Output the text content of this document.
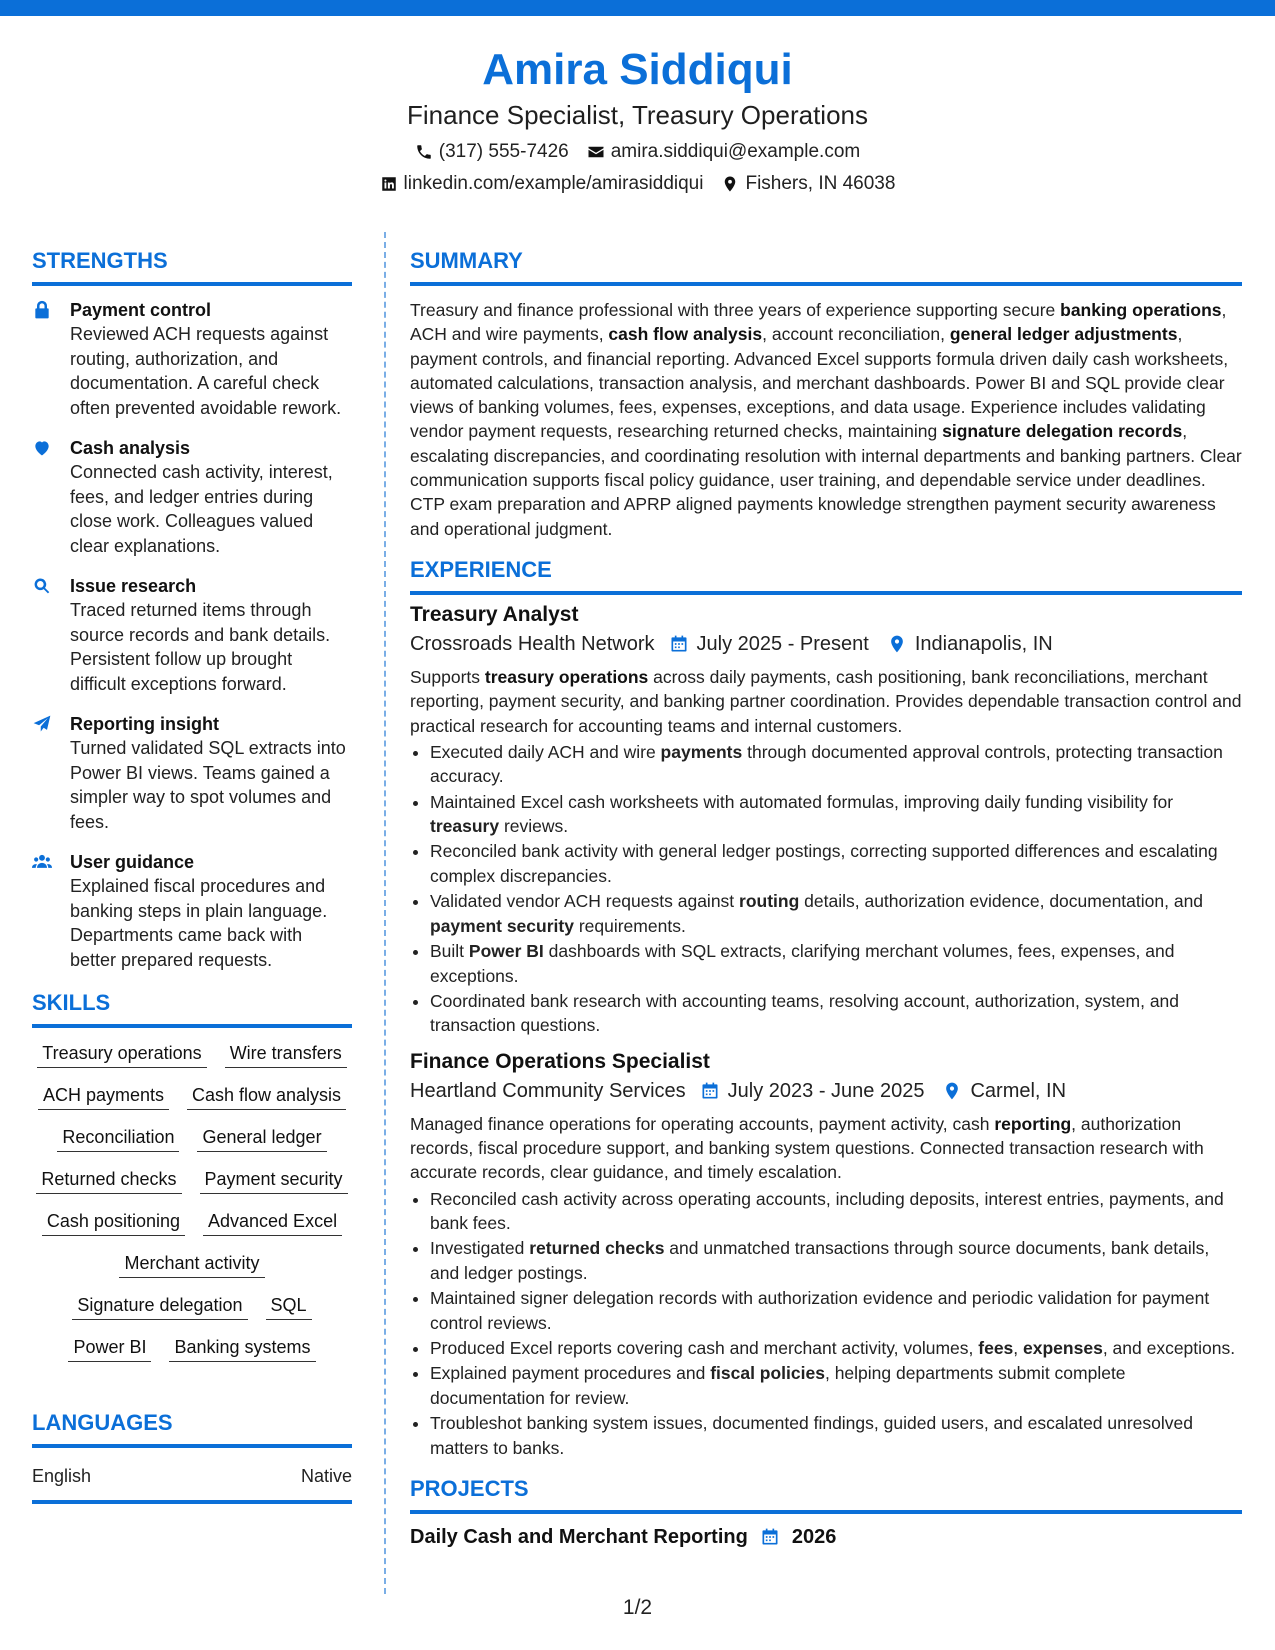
Amira Siddiqui
Finance Specialist, Treasury Operations
(317) 555-7426 amira.siddiqui@example.com
linkedin.com/example/amirasiddiqui Fishers, IN 46038
STRENGTHS
Payment control
Reviewed ACH requests against routing, authorization, and documentation. A careful check often prevented avoidable rework.
Cash analysis
Connected cash activity, interest, fees, and ledger entries during close work. Colleagues valued clear explanations.
Issue research
Traced returned items through source records and bank details. Persistent follow up brought difficult exceptions forward.
Reporting insight
Turned validated SQL extracts into Power BI views. Teams gained a simpler way to spot volumes and fees.
User guidance
Explained fiscal procedures and banking steps in plain language. Departments came back with better prepared requests.
SKILLS
Treasury operations Wire transfers
ACH payments Cash flow analysis
Reconciliation General ledger
Returned checks Payment security
Cash positioning Advanced Excel
Merchant activity
Signature delegation SQL
Power BI Banking systems
LANGUAGES
English	Native
SUMMARY
Treasury and finance professional with three years of experience supporting secure banking operations, ACH and wire payments, cash flow analysis, account reconciliation, general ledger adjustments, payment controls, and financial reporting. Advanced Excel supports formula driven daily cash worksheets, automated calculations, transaction analysis, and merchant dashboards. Power BI and SQL provide clear views of banking volumes, fees, expenses, exceptions, and data usage. Experience includes validating vendor payment requests, researching returned checks, maintaining signature delegation records, escalating discrepancies, and coordinating resolution with internal departments and banking partners. Clear communication supports fiscal policy guidance, user training, and dependable service under deadlines. CTP exam preparation and APRP aligned payments knowledge strengthen payment security awareness and operational judgment.
EXPERIENCE
Treasury Analyst
Crossroads Health Network July 2025 - Present Indianapolis, IN
Supports treasury operations across daily payments, cash positioning, bank reconciliations, merchant reporting, payment security, and banking partner coordination. Provides dependable transaction control and practical research for accounting teams and internal customers.
• Executed daily ACH and wire payments through documented approval controls, protecting transaction accuracy.
• Maintained Excel cash worksheets with automated formulas, improving daily funding visibility for treasury reviews.
• Reconciled bank activity with general ledger postings, correcting supported differences and escalating complex discrepancies.
• Validated vendor ACH requests against routing details, authorization evidence, documentation, and payment security requirements.
• Built Power BI dashboards with SQL extracts, clarifying merchant volumes, fees, expenses, and exceptions.
• Coordinated bank research with accounting teams, resolving account, authorization, system, and transaction questions.
Finance Operations Specialist
Heartland Community Services July 2023 - June 2025 Carmel, IN
Managed finance operations for operating accounts, payment activity, cash reporting, authorization records, fiscal procedure support, and banking system questions. Connected transaction research with accurate records, clear guidance, and timely escalation.
• Reconciled cash activity across operating accounts, including deposits, interest entries, payments, and bank fees.
• Investigated returned checks and unmatched transactions through source documents, bank details, and ledger postings.
• Maintained signer delegation records with authorization evidence and periodic validation for payment control reviews.
• Produced Excel reports covering cash and merchant activity, volumes, fees, expenses, and exceptions.
• Explained payment procedures and fiscal policies, helping departments submit complete documentation for review.
• Troubleshot banking system issues, documented findings, guided users, and escalated unresolved matters to banks.
PROJECTS
Daily Cash and Merchant Reporting 2026
1/2
